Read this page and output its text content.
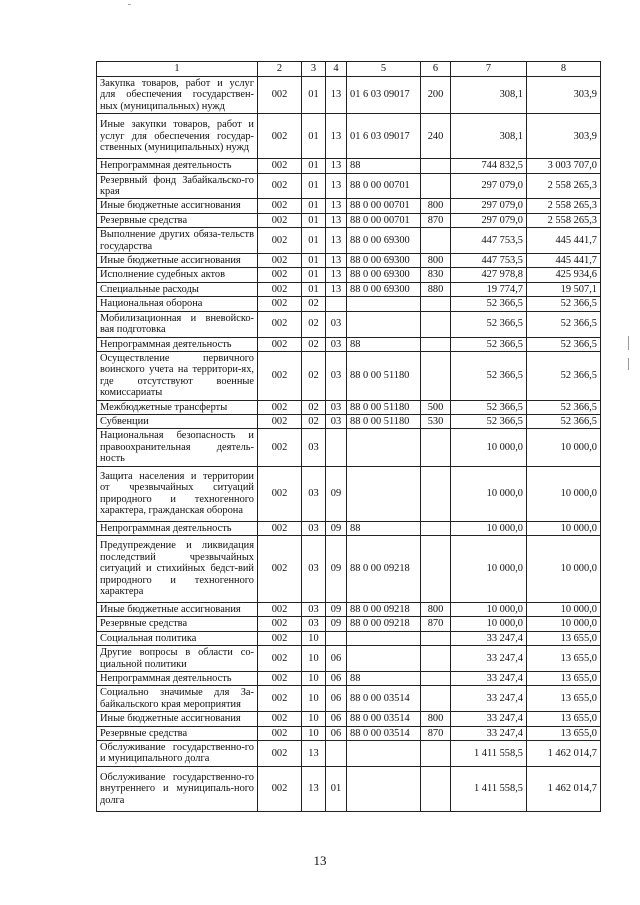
1	2	3	4	5	6	7	8
Закупка товаров, работ и услуг для обеспечения государствен-ных (муниципальных) нужд	002	01	13	01 6 03 09017	200	308,1	303,9
Иные закупки товаров, работ и услуг для обеспечения государ-ственных (муниципальных) нужд	002	01	13	01 6 03 09017	240	308,1	303,9
Непрограммная деятельность	002	01	13	88		744 832,5	3 003 707,0
Резервный фонд Забайкальско-го края	002	01	13	88 0 00 00701		297 079,0	2 558 265,3
Иные бюджетные ассигнования	002	01	13	88 0 00 00701	800	297 079,0	2 558 265,3
Резервные средства	002	01	13	88 0 00 00701	870	297 079,0	2 558 265,3
Выполнение других обяза-тельств государства	002	01	13	88 0 00 69300		447 753,5	445 441,7
Иные бюджетные ассигнования	002	01	13	88 0 00 69300	800	447 753,5	445 441,7
Исполнение судебных актов	002	01	13	88 0 00 69300	830	427 978,8	425 934,6
Специальные расходы	002	01	13	88 0 00 69300	880	19 774,7	19 507,1
Национальная оборона	002	02				52 366,5	52 366,5
Мобилизационная и вневойско-вая подготовка	002	02	03			52 366,5	52 366,5
Непрограммная деятельность	002	02	03	88		52 366,5	52 366,5
Осуществление первичного воинского учета на территори-ях, где отсутствуют военные комиссариаты	002	02	03	88 0 00 51180		52 366,5	52 366,5
Межбюджетные трансферты	002	02	03	88 0 00 51180	500	52 366,5	52 366,5
Субвенции	002	02	03	88 0 00 51180	530	52 366,5	52 366,5
Национальная безопасность и правоохранительная деятель-ность	002	03				10 000,0	10 000,0
Защита населения и территории от чрезвычайных ситуаций природного и техногенного характера, гражданская оборона	002	03	09			10 000,0	10 000,0
Непрограммная деятельность	002	03	09	88		10 000,0	10 000,0
Предупреждение и ликвидация последствий чрезвычайных ситуаций и стихийных бедст-вий природного и техногенного характера	002	03	09	88 0 00 09218		10 000,0	10 000,0
Иные бюджетные ассигнования	002	03	09	88 0 00 09218	800	10 000,0	10 000,0
Резервные средства	002	03	09	88 0 00 09218	870	10 000,0	10 000,0
Социальная политика	002	10				33 247,4	13 655,0
Другие вопросы в области со-циальной политики	002	10	06			33 247,4	13 655,0
Непрограммная деятельность	002	10	06	88		33 247,4	13 655,0
Социально значимые для За-байкальского края мероприятия	002	10	06	88 0 00 03514		33 247,4	13 655,0
Иные бюджетные ассигнования	002	10	06	88 0 00 03514	800	33 247,4	13 655,0
Резервные средства	002	10	06	88 0 00 03514	870	33 247,4	13 655,0
Обслуживание государственно-го и муниципального долга	002	13				1 411 558,5	1 462 014,7
Обслуживание государственно-го внутреннего и муниципаль-ного долга	002	13	01			1 411 558,5	1 462 014,7
13
